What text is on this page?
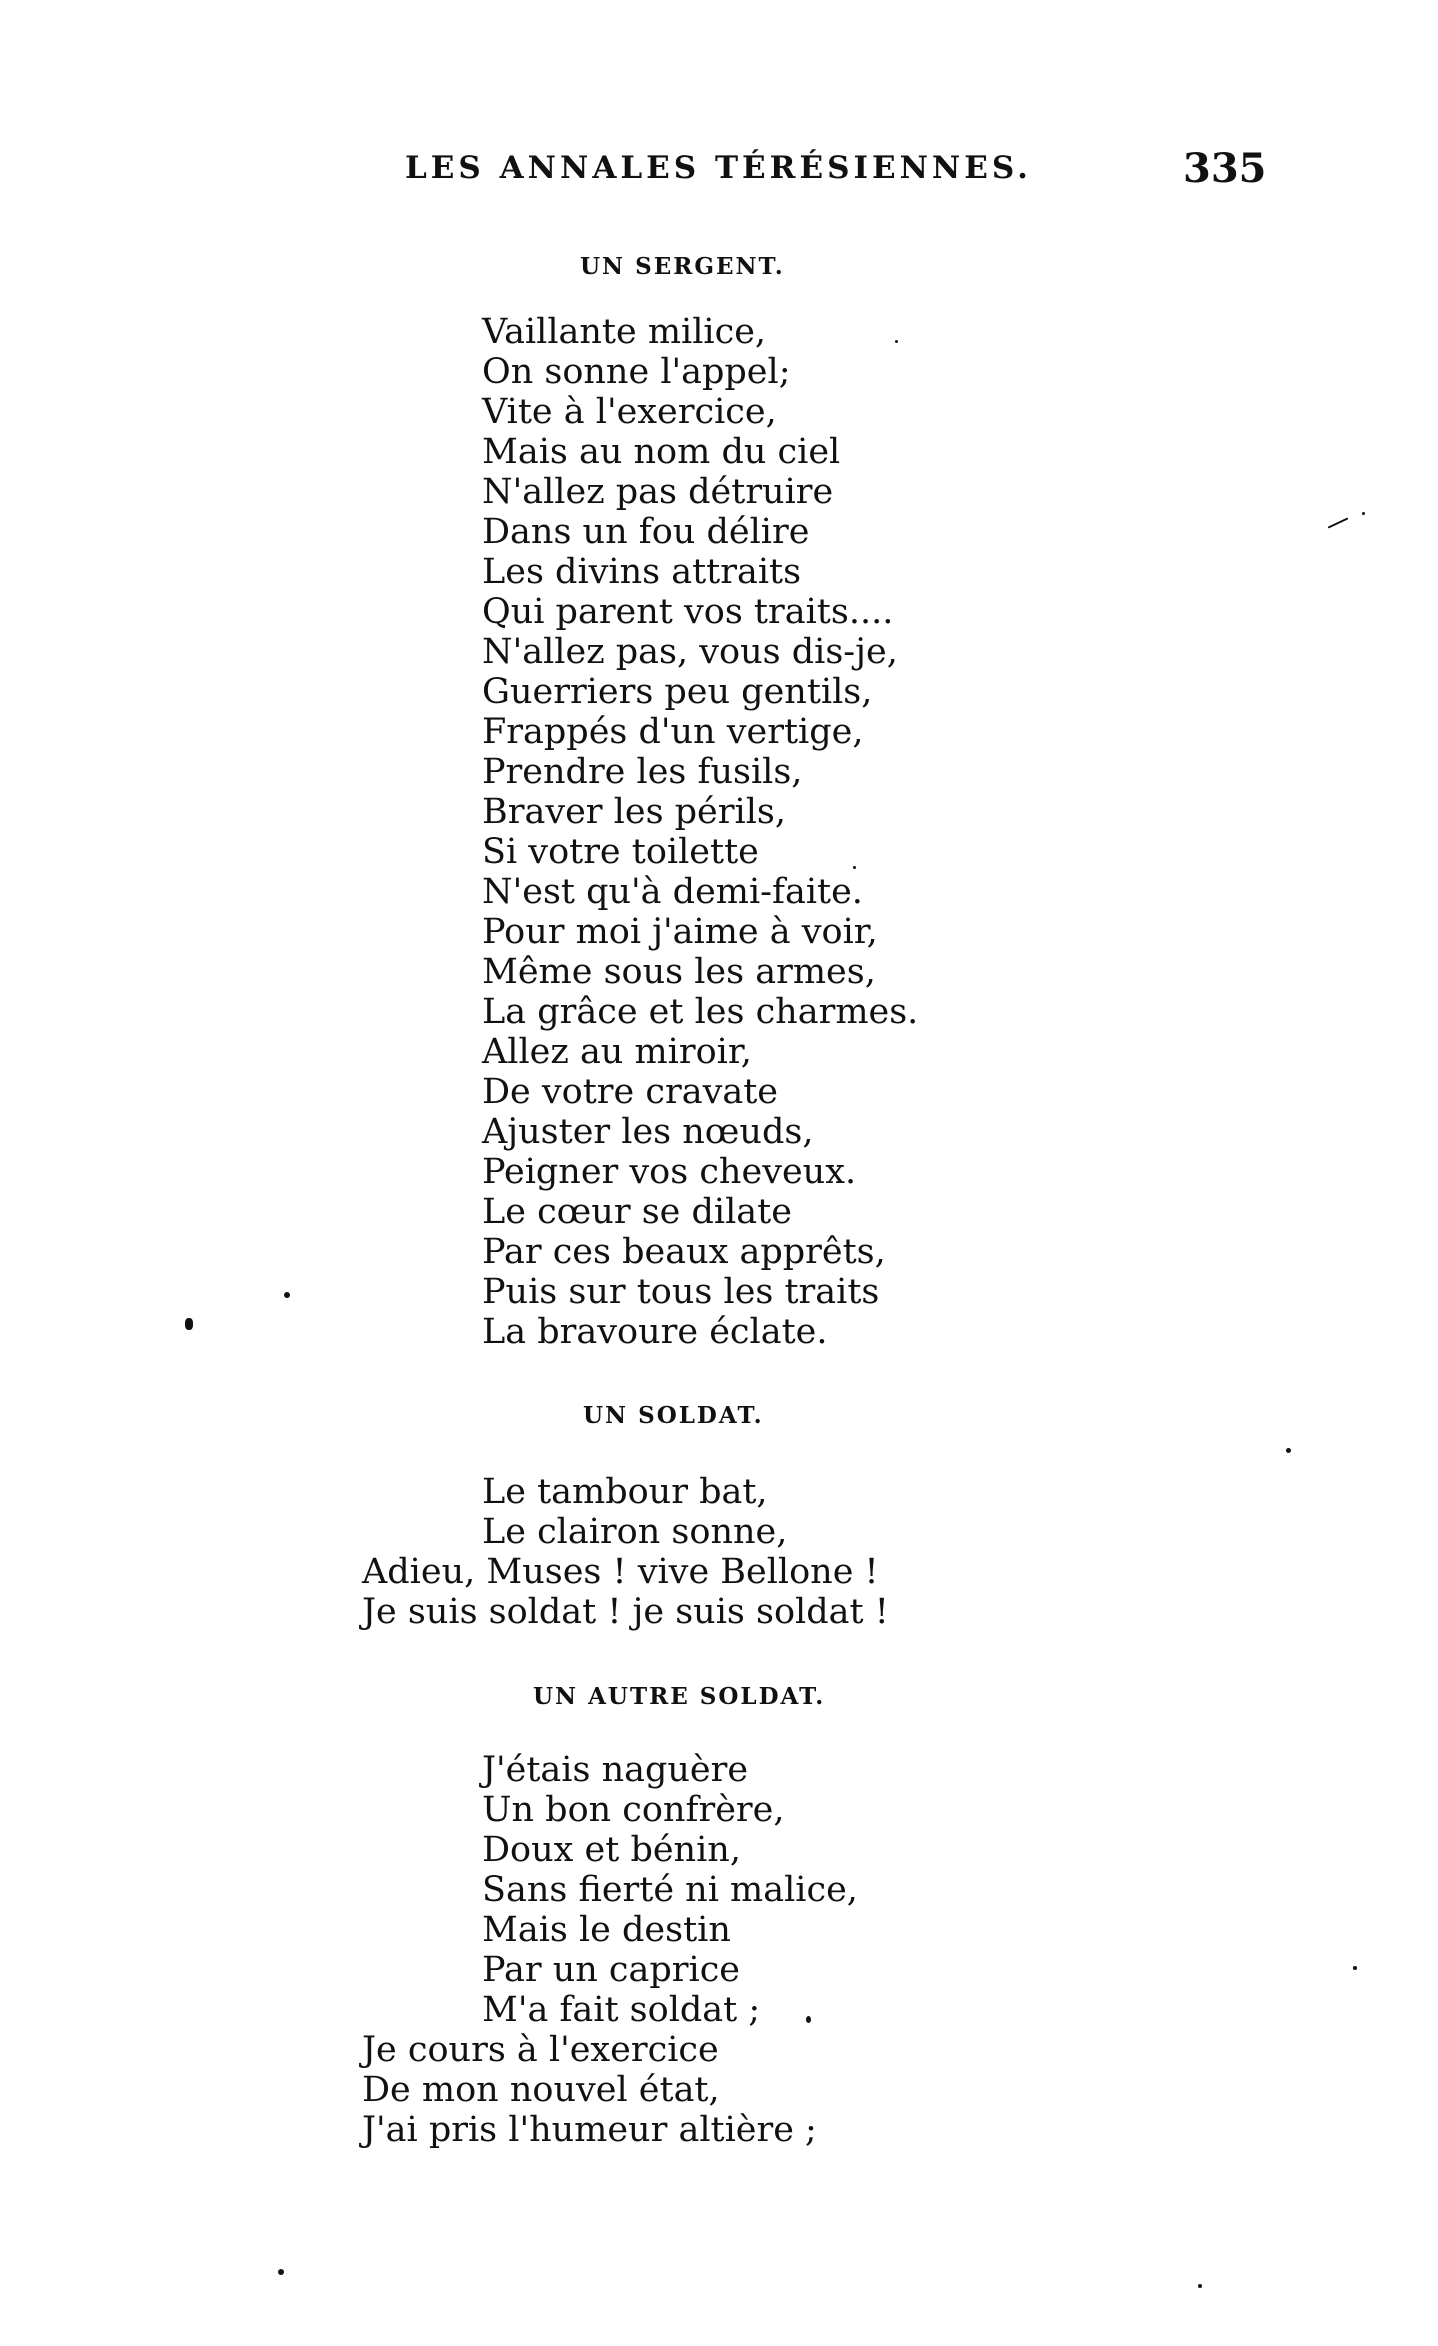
LES ANNALES TÉRÉSIENNES.	335
UN SERGENT.
Vaillante milice,
On sonne l'appel;
Vite à l'exercice,
Mais au nom du ciel
N'allez pas détruire
Dans un fou délire
Les divins attraits
Qui parent vos traits....
N'allez pas, vous dis-je,
Guerriers peu gentils,
Frappés d'un vertige,
Prendre les fusils,
Braver les périls,
Si votre toilette
N'est qu'à demi-faite.
Pour moi j'aime à voir,
Même sous les armes,
La grâce et les charmes.
Allez au miroir,
De votre cravate
Ajuster les nœuds,
Peigner vos cheveux.
Le cœur se dilate
Par ces beaux apprêts,
Puis sur tous les traits
La bravoure éclate.
UN SOLDAT.
Le tambour bat,
Le clairon sonne,
Adieu, Muses ! vive Bellone !
Je suis soldat ! je suis soldat !
UN AUTRE SOLDAT.
J'étais naguère
Un bon confrère,
Doux et bénin,
Sans fierté ni malice,
Mais le destin
Par un caprice
M'a fait soldat ;
Je cours à l'exercice
De mon nouvel état,
J'ai pris l'humeur altière ;
